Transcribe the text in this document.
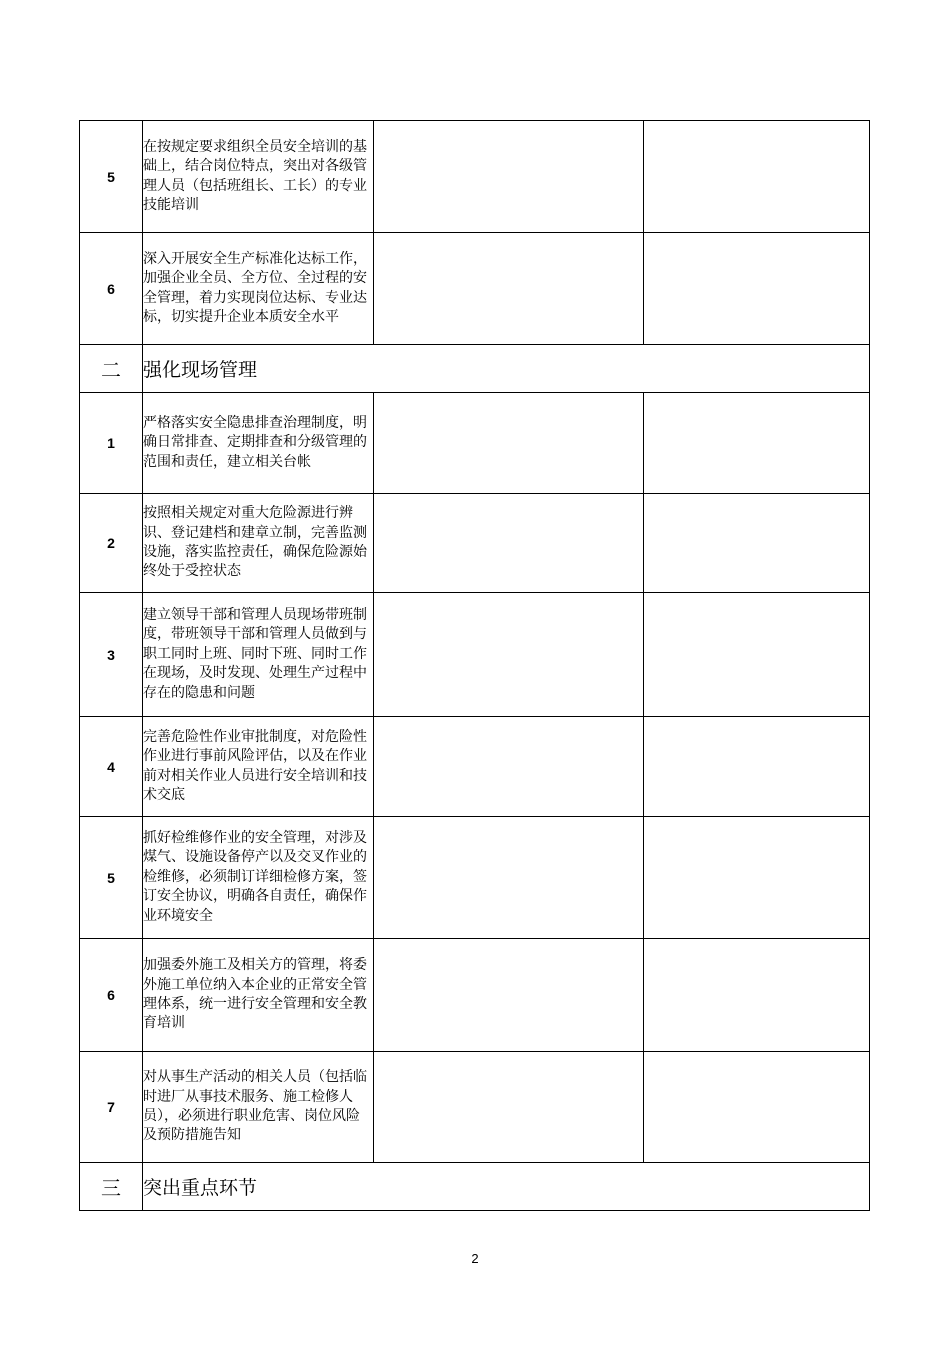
5	在按规定要求组织全员安全培训的基础上，结合岗位特点，突出对各级管理人员（包括班组长、工长）的专业技能培训		
6	深入开展安全生产标准化达标工作，加强企业全员、全方位、全过程的安全管理，着力实现岗位达标、专业达标，切实提升企业本质安全水平		
二	强化现场管理		
1	严格落实安全隐患排查治理制度，明确日常排查、定期排查和分级管理的范围和责任，建立相关台帐		
2	按照相关规定对重大危险源进行辨识、登记建档和建章立制，完善监测设施，落实监控责任，确保危险源始终处于受控状态		
3	建立领导干部和管理人员现场带班制度，带班领导干部和管理人员做到与职工同时上班、同时下班、同时工作在现场，及时发现、处理生产过程中存在的隐患和问题		
4	完善危险性作业审批制度，对危险性作业进行事前风险评估，以及在作业前对相关作业人员进行安全培训和技术交底		
5	抓好检维修作业的安全管理，对涉及煤气、设施设备停产以及交叉作业的检维修，必须制订详细检修方案，签订安全协议，明确各自责任，确保作业环境安全		
6	加强委外施工及相关方的管理，将委外施工单位纳入本企业的正常安全管理体系，统一进行安全管理和安全教育培训		
7	对从事生产活动的相关人员（包括临时进厂从事技术服务、施工检修人员），必须进行职业危害、岗位风险及预防措施告知		
三	突出重点环节		
2
